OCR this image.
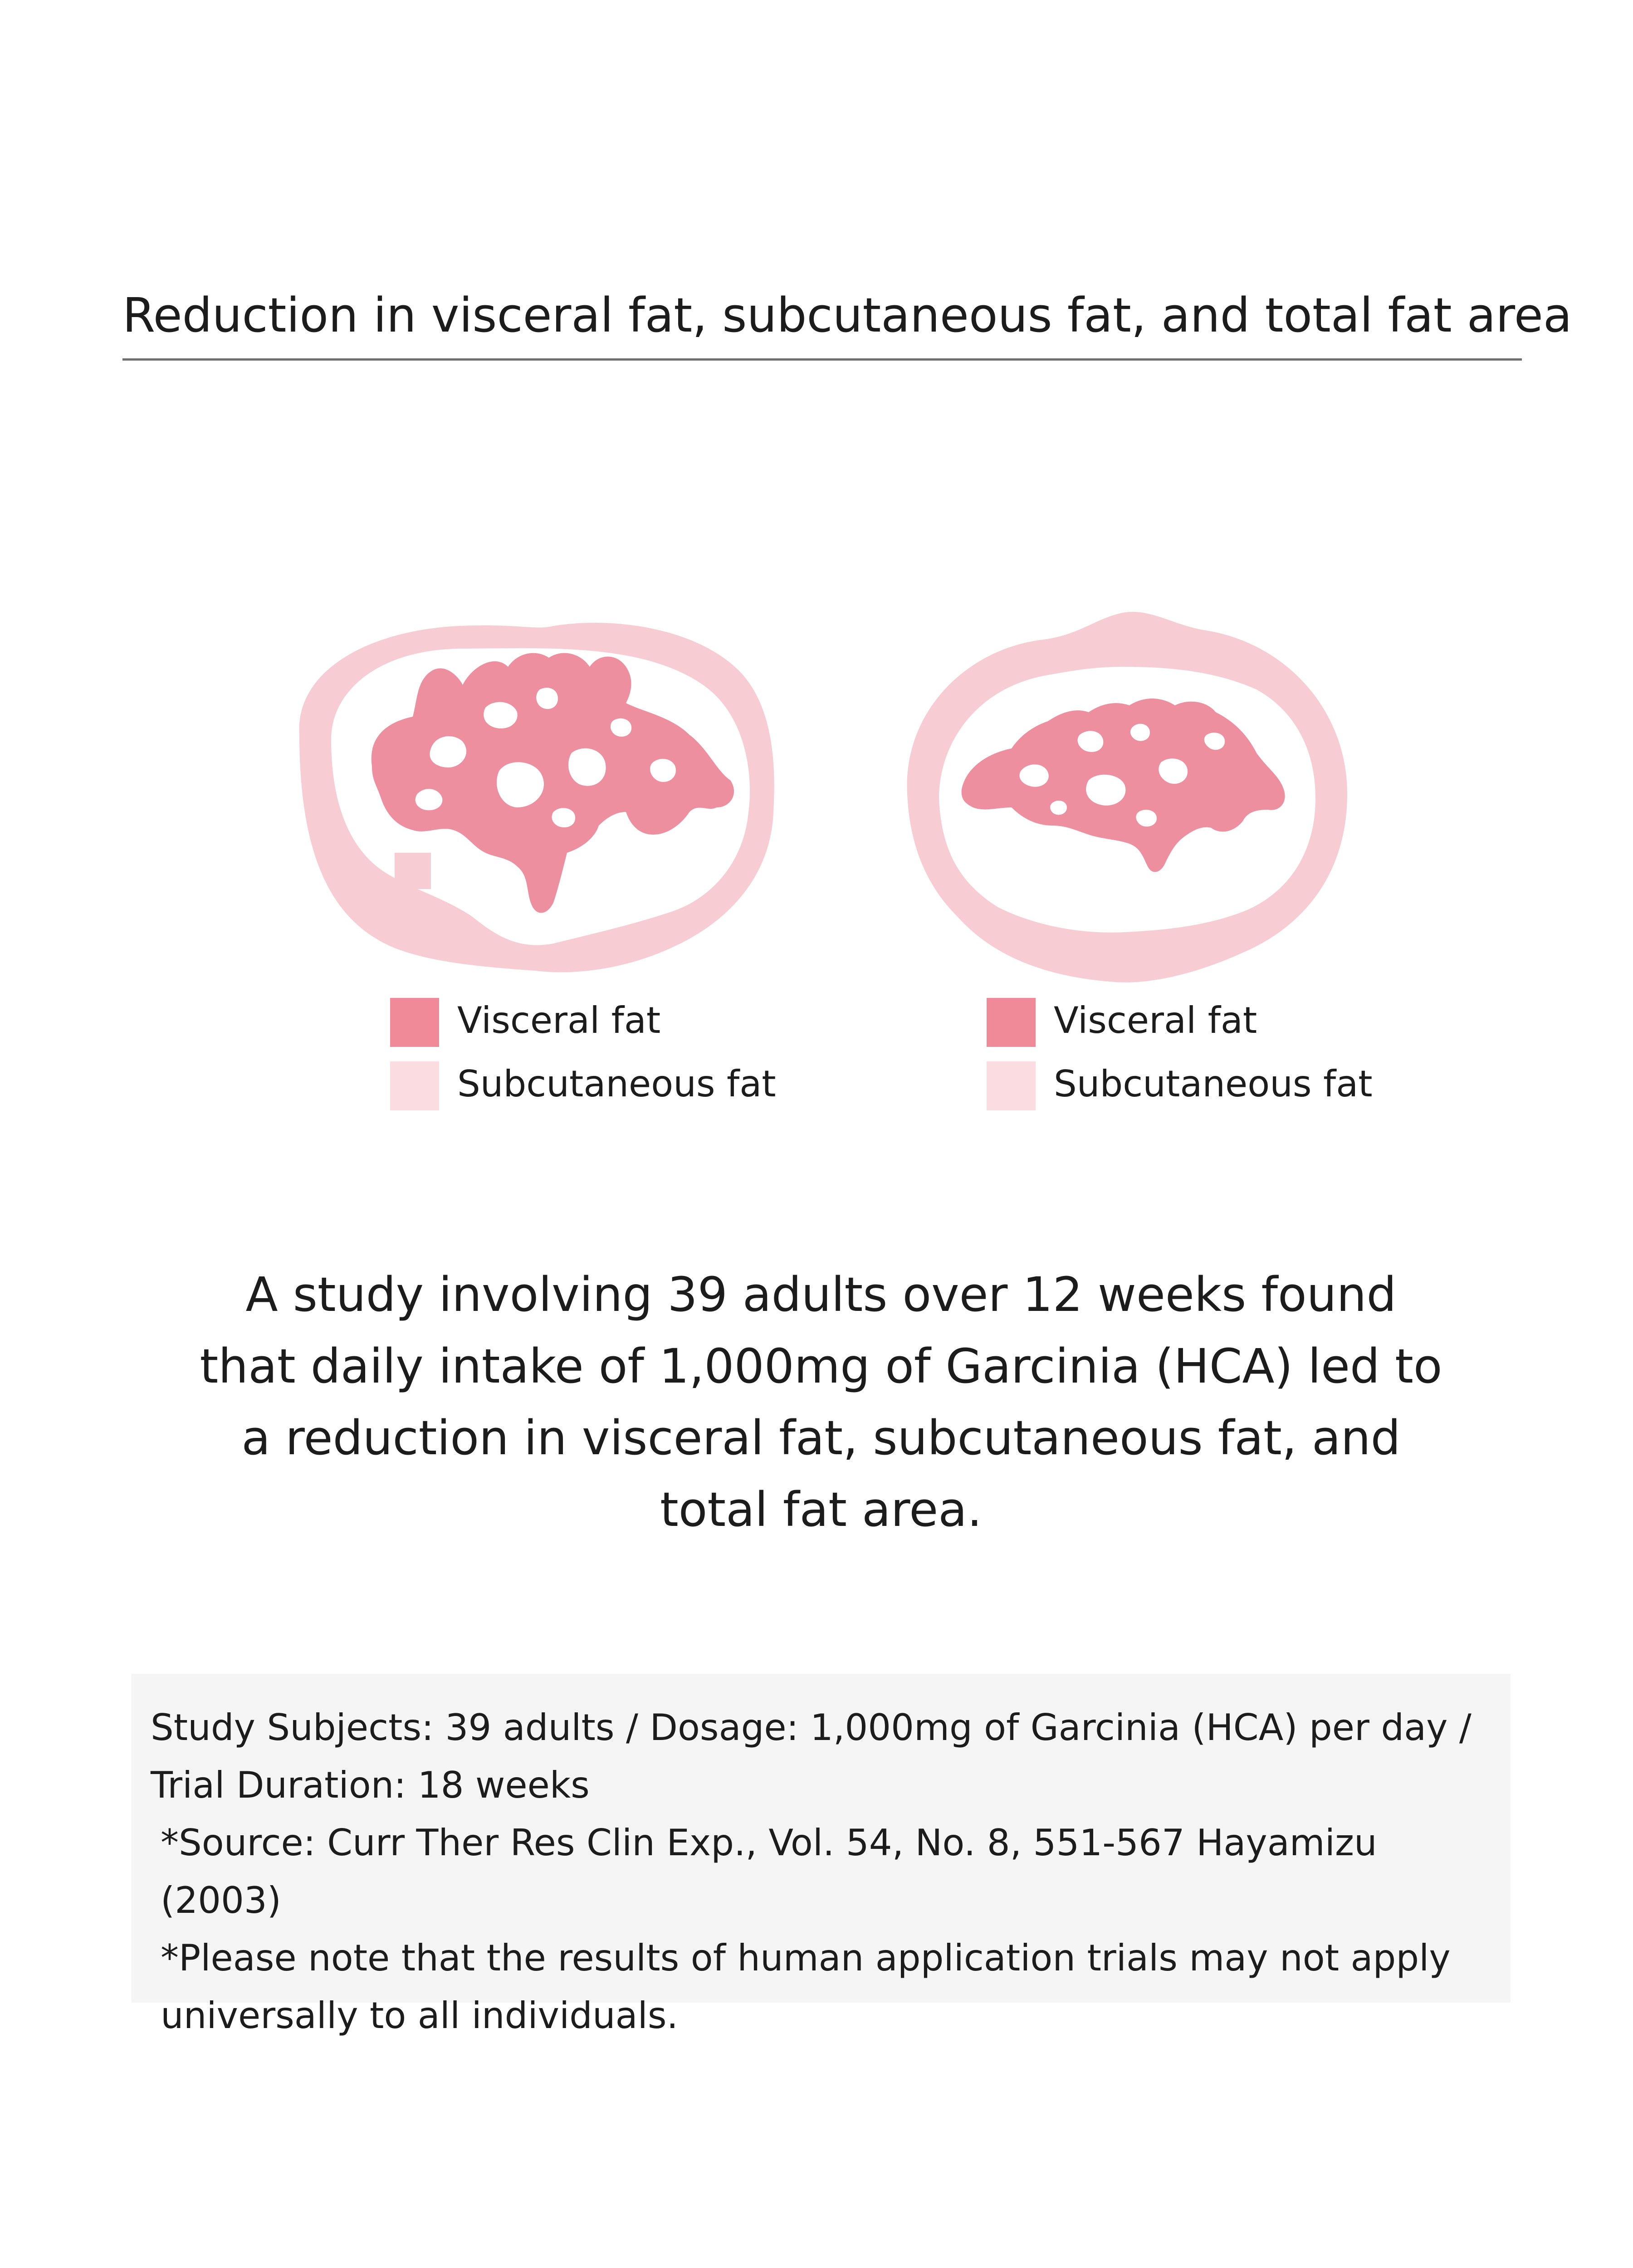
Reduction in visceral fat, subcutaneous fat, and total fat area
Visceral fat
Subcutaneous fat
Visceral fat
Subcutaneous fat

A study involving 39 adults over 12 weeks found that daily intake of 1,000mg of Garcinia (HCA) led to a reduction in visceral fat, subcutaneous fat, and total fat area.

Study Subjects: 39 adults / Dosage: 1,000mg of Garcinia (HCA) per day / Trial Duration: 18 weeks

*Source: Curr Ther Res Clin Exp., Vol. 54, No. 8, 551-567 Hayamizu (2003)

*Please note that the results of human application trials may not apply universally to all individuals.
